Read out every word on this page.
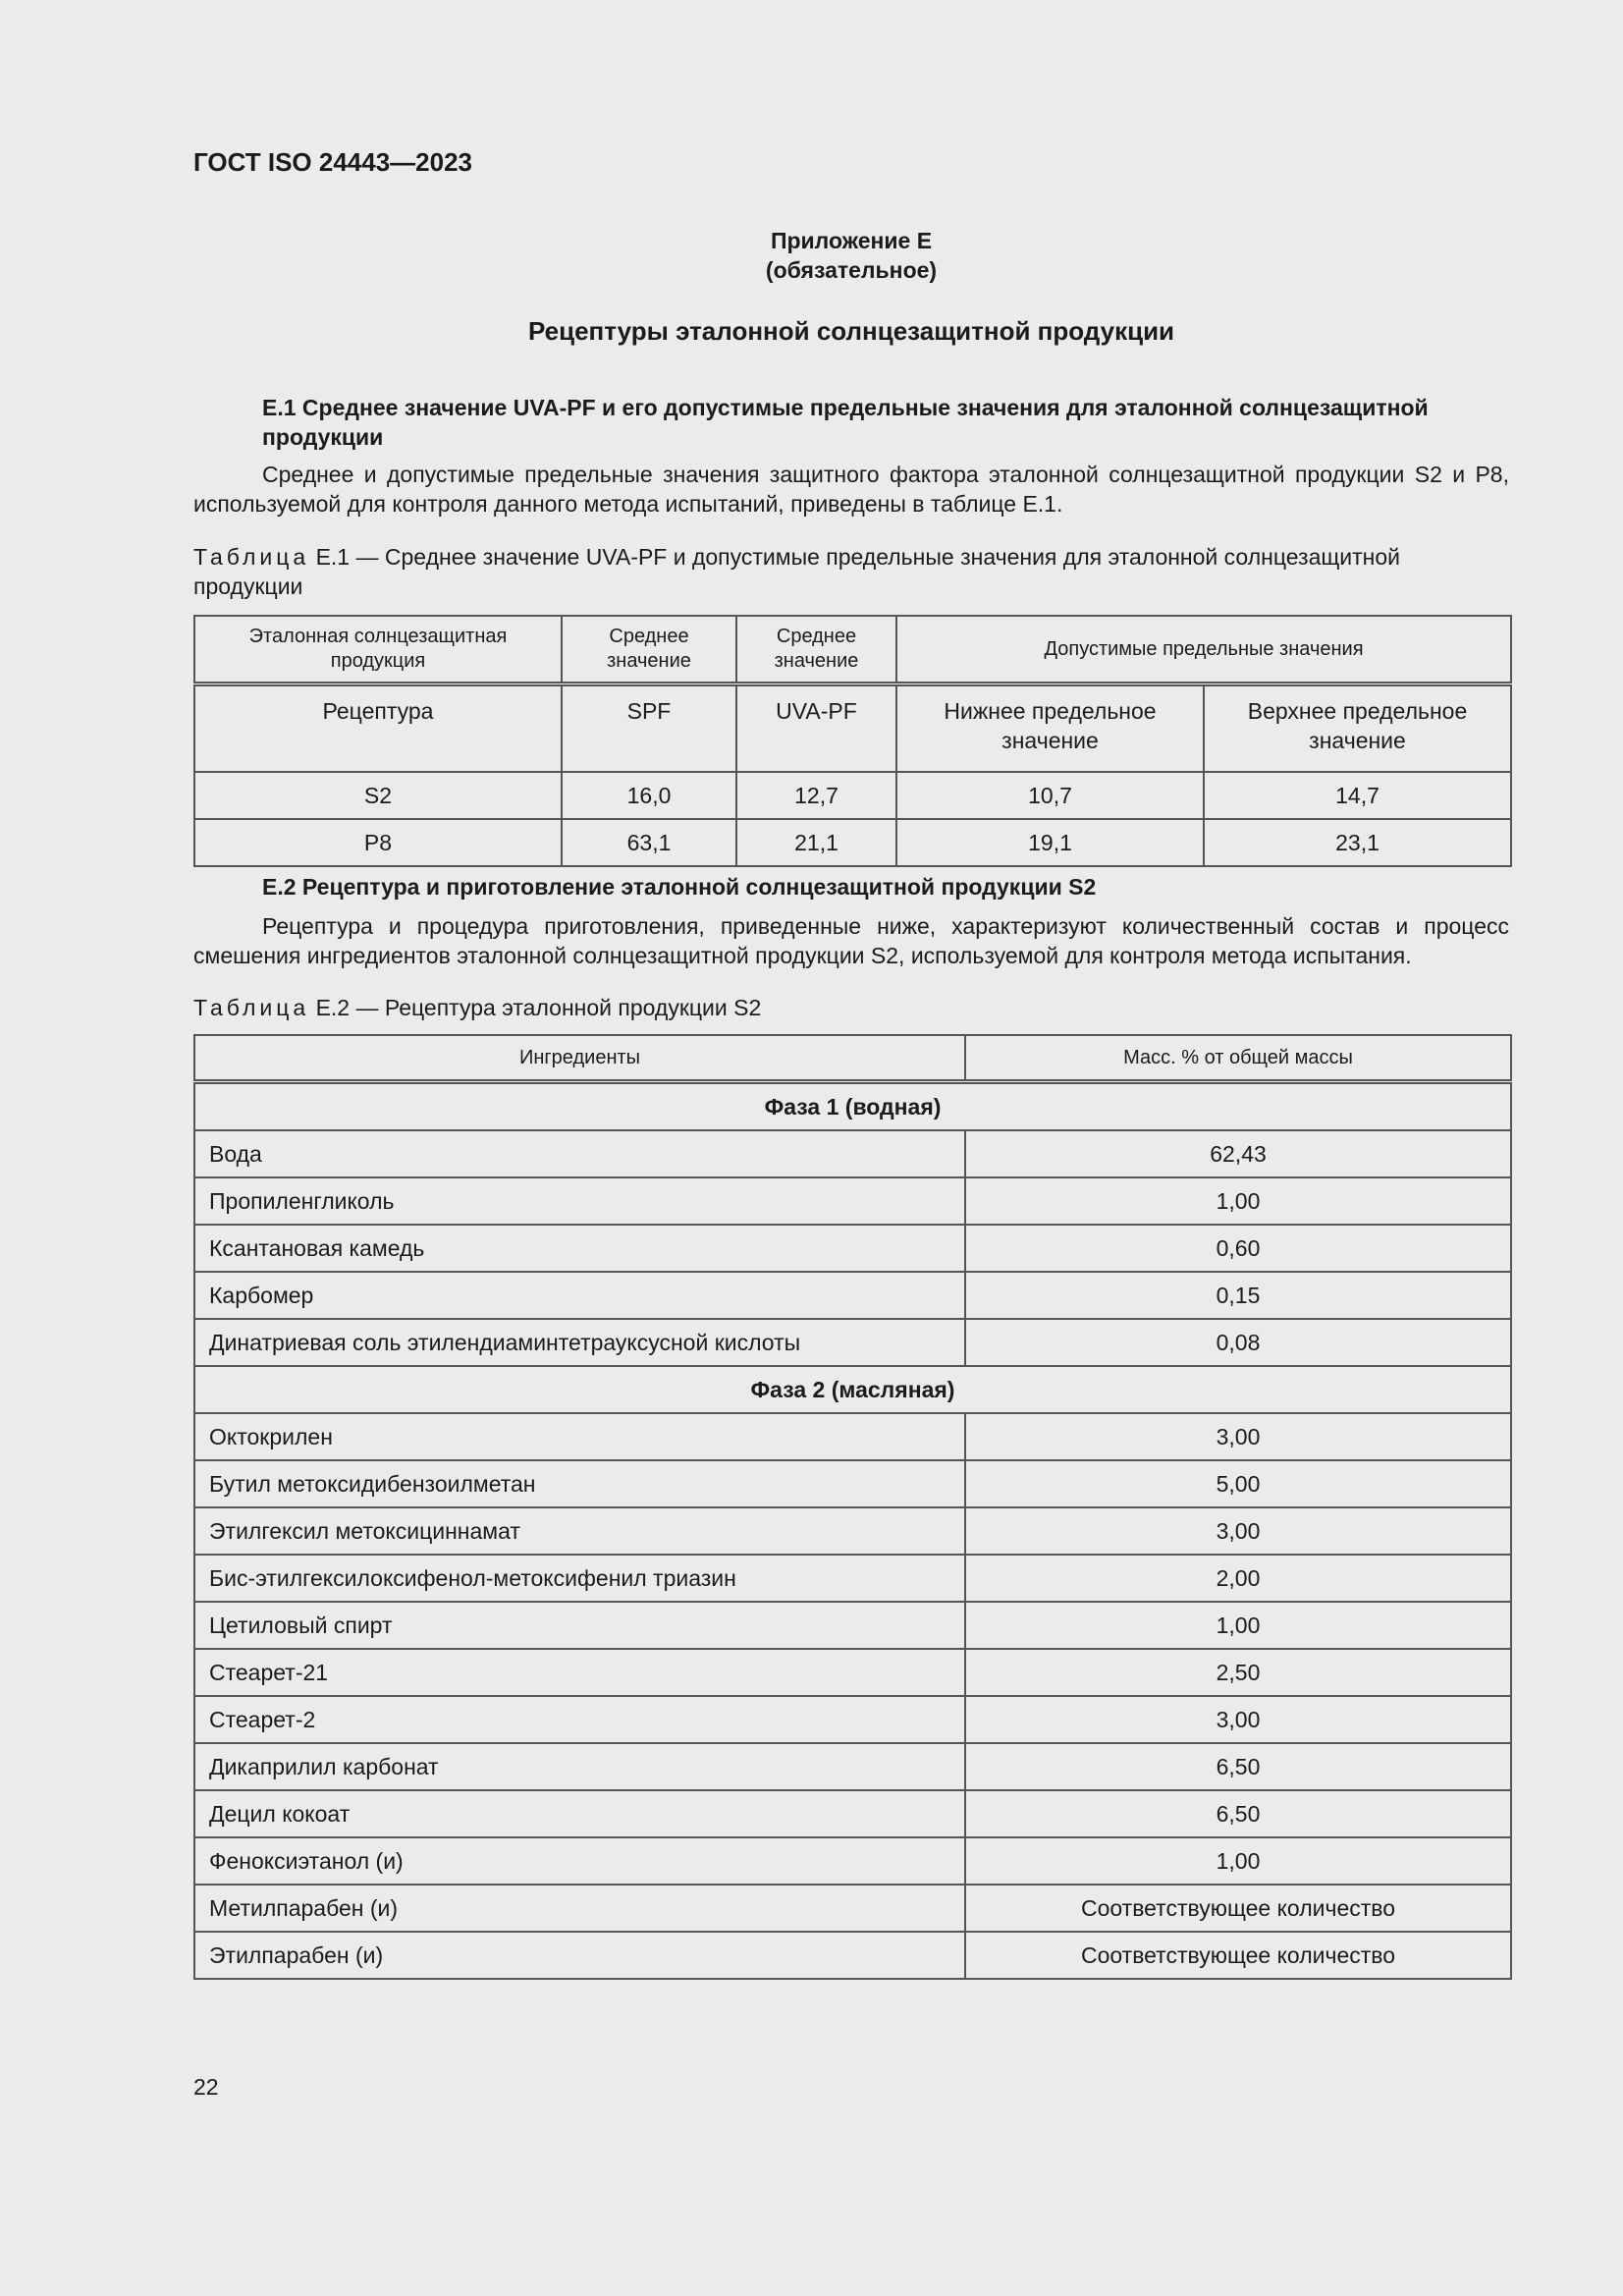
ГОСТ ISO 24443—2023
Приложение Е
(обязательное)
Рецептуры эталонной солнцезащитной продукции
Е.1 Среднее значение UVA-PF и его допустимые предельные значения для эталонной солнцезащитной продукции
Среднее и допустимые предельные значения защитного фактора эталонной солнцезащитной продукции S2 и Р8, используемой для контроля данного метода испытаний, приведены в таблице Е.1.
Таблица Е.1 — Среднее значение UVA-PF и допустимые предельные значения для эталонной солнцезащитной продукции
Эталонная солнцезащитная продукция	Среднее значение	Среднее значение	Допустимые предельные значения	
Рецептура	SPF	UVA-PF	Нижнее предельное значение	Верхнее предельное значение
S2	16,0	12,7	10,7	14,7
Р8	63,1	21,1	19,1	23,1
Е.2 Рецептура и приготовление эталонной солнцезащитной продукции S2
Рецептура и процедура приготовления, приведенные ниже, характеризуют количественный состав и процесс смешения ингредиентов эталонной солнцезащитной продукции S2, используемой для контроля метода испытания.
Таблица Е.2 — Рецептура эталонной продукции S2
Ингредиенты	Масс. % от общей массы
Фаза 1 (водная)	
Вода	62,43
Пропиленгликоль	1,00
Ксантановая камедь	0,60
Карбомер	0,15
Динатриевая соль этилендиаминтетрауксусной кислоты	0,08
Фаза 2 (масляная)	
Октокрилен	3,00
Бутил метоксидибензоилметан	5,00
Этилгексил метоксициннамат	3,00
Бис-этилгексилоксифенол-метоксифенил триазин	2,00
Цетиловый спирт	1,00
Стеарет-21	2,50
Стеарет-2	3,00
Дикаприлил карбонат	6,50
Децил кокоат	6,50
Феноксиэтанол (и)	1,00
Метилпарабен (и)	Соответствующее количество
Этилпарабен (и)	Соответствующее количество
22
